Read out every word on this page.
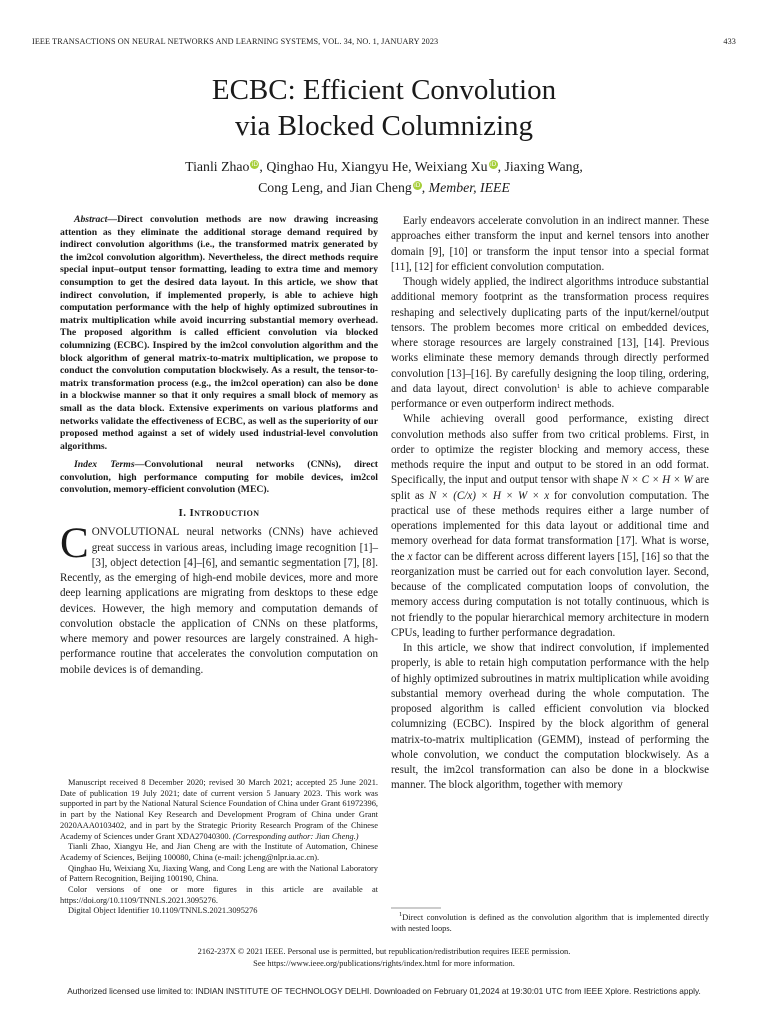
IEEE TRANSACTIONS ON NEURAL NETWORKS AND LEARNING SYSTEMS, VOL. 34, NO. 1, JANUARY 2023	433
ECBC: Efficient Convolution
via Blocked Columnizing
Tianli Zhao iD, Qinghao Hu, Xiangyu He, Weixiang Xu iD, Jiaxing Wang,
Cong Leng, and Jian Cheng iD, Member, IEEE

Abstract—Direct convolution methods are now drawing increasing attention as they eliminate the additional storage demand required by indirect convolution algorithms (i.e., the transformed matrix generated by the im2col convolution algorithm). Nevertheless, the direct methods require special input–output tensor formatting, leading to extra time and memory consumption to get the desired data layout. In this article, we show that indirect convolution, if implemented properly, is able to achieve high computation performance with the help of highly optimized subroutines in matrix multiplication while avoid incurring substantial memory overhead. The proposed algorithm is called efficient convolution via blocked columnizing (ECBC). Inspired by the im2col convolution algorithm and the block algorithm of general matrix-to-matrix multiplication, we propose to conduct the convolution computation blockwisely. As a result, the tensor-to-matrix transformation process (e.g., the im2col operation) can also be done in a blockwise manner so that it only requires a small block of memory as small as the data block. Extensive experiments on various platforms and networks validate the effectiveness of ECBC, as well as the superiority of our proposed method against a set of widely used industrial-level convolution algorithms.

Index Terms—Convolutional neural networks (CNNs), direct convolution, high performance computing for mobile devices, im2col convolution, memory-efficient convolution (MEC).

I. Introduction

CONVOLUTIONAL neural networks (CNNs) have achieved great success in various areas, including image recognition [1]–[3], object detection [4]–[6], and semantic segmentation [7], [8]. Recently, as the emerging of high-end mobile devices, more and more deep learning applications are migrating from desktops to these edge devices. However, the high memory and computation demands of convolution obstacle the application of CNNs on these platforms, where memory and power resources are largely constrained. A high-performance routine that accelerates the convolution computation on mobile devices is of demanding.

Manuscript received 8 December 2020; revised 30 March 2021; accepted 25 June 2021. Date of publication 19 July 2021; date of current version 5 January 2023. This work was supported in part by the National Natural Science Foundation of China under Grant 61972396, in part by the National Key Research and Development Program of China under Grant 2020AAA0103402, and in part by the Strategic Priority Research Program of the Chinese Academy of Sciences under Grant XDA27040300. (Corresponding author: Jian Cheng.)

Tianli Zhao, Xiangyu He, and Jian Cheng are with the Institute of Automation, Chinese Academy of Sciences, Beijing 100080, China (e-mail: jcheng@nlpr.ia.ac.cn).

Qinghao Hu, Weixiang Xu, Jiaxing Wang, and Cong Leng are with the National Laboratory of Pattern Recognition, Beijing 100190, China.

Color versions of one or more figures in this article are available at https://doi.org/10.1109/TNNLS.2021.3095276.

Digital Object Identifier 10.1109/TNNLS.2021.3095276

Early endeavors accelerate convolution in an indirect manner. These approaches either transform the input and kernel tensors into another domain [9], [10] or transform the input tensor into a special format [11], [12] for efficient convolution computation.

Though widely applied, the indirect algorithms introduce substantial additional memory footprint as the transformation process requires reshaping and selectively duplicating parts of the input/kernel/output tensors. The problem becomes more critical on embedded devices, where storage resources are largely constrained [13], [14]. Previous works eliminate these memory demands through directly performed convolution [13]–[16]. By carefully designing the loop tiling, ordering, and data layout, direct convolution$^1$ is able to achieve comparable performance or even outperform indirect methods.

While achieving overall good performance, existing direct convolution methods also suffer from two critical problems. First, in order to optimize the register blocking and memory access, these methods require the input and output to be stored in an odd format. Specifically, the input and output tensor with shape N × C × H × W are split as N × (C/x) × H × W × x for convolution computation. The practical use of these methods requires either a large number of operations implemented for this data layout or additional time and memory overhead for data format transformation [17]. What is worse, the x factor can be different across different layers [15], [16] so that the reorganization must be carried out for each convolution layer. Second, because of the complicated computation loops of convolution, the memory access during computation is not totally continuous, which is not friendly to the popular hierarchical memory architecture in modern CPUs, leading to further performance degradation.

In this article, we show that indirect convolution, if implemented properly, is able to retain high computation performance with the help of highly optimized subroutines in matrix multiplication while avoiding substantial memory overhead during the whole computation. The proposed algorithm is called efficient convolution via blocked columnizing (ECBC). Inspired by the block algorithm of general matrix-to-matrix multiplication (GEMM), instead of performing the whole convolution, we conduct the computation blockwisely. As a result, the im2col transformation can also be done in a blockwise manner. The block algorithm, together with memory

$^1$Direct convolution is defined as the convolution algorithm that is implemented directly with nested loops.

2162-237X © 2021 IEEE. Personal use is permitted, but republication/redistribution requires IEEE permission.
See https://www.ieee.org/publications/rights/index.html for more information.
Authorized licensed use limited to: INDIAN INSTITUTE OF TECHNOLOGY DELHI. Downloaded on February 01,2024 at 19:30:01 UTC from IEEE Xplore. Restrictions apply.
